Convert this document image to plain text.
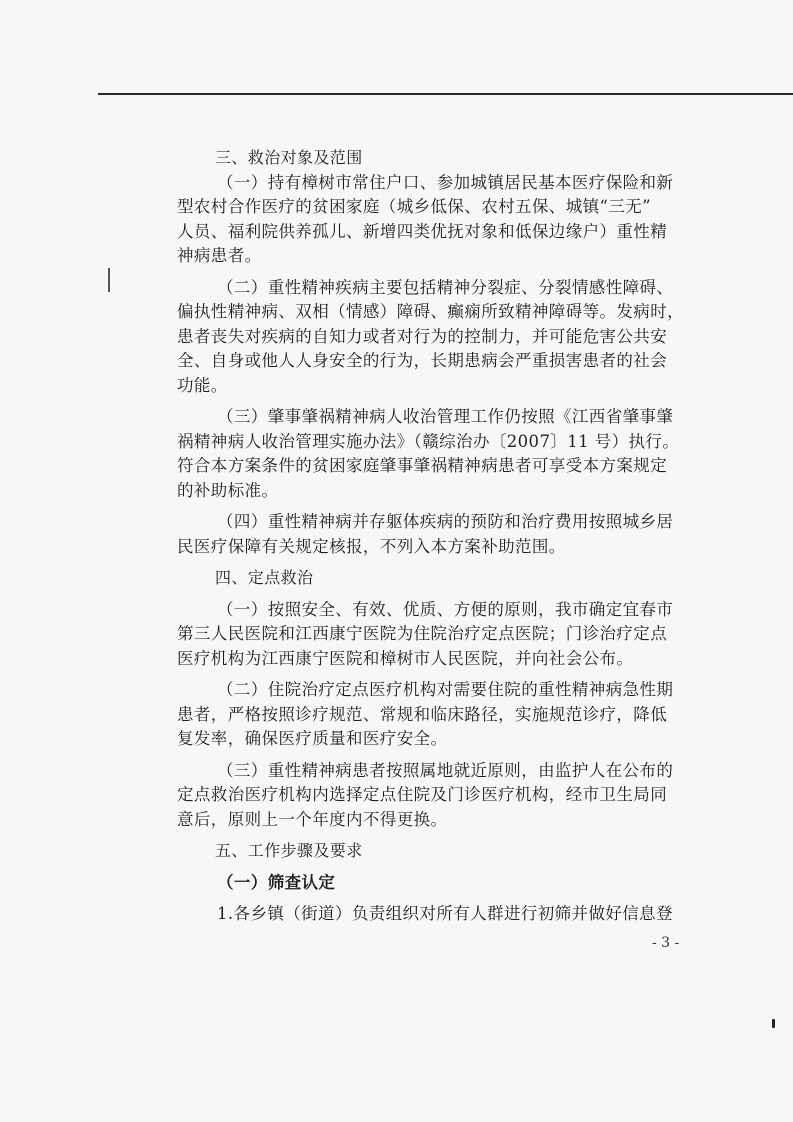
三、救治对象及范围
（一）持有樟树市常住户口、参加城镇居民基本医疗保险和新
型农村合作医疗的贫困家庭（城乡低保、农村五保、城镇“三无”
人员、福利院供养孤儿、新增四类优抚对象和低保边缘户）重性精
神病患者。
（二）重性精神疾病主要包括精神分裂症、分裂情感性障碍、
偏执性精神病、双相（情感）障碍、癫痫所致精神障碍等。发病时，
患者丧失对疾病的自知力或者对行为的控制力，并可能危害公共安
全、自身或他人人身安全的行为，长期患病会严重损害患者的社会
功能。
（三）肇事肇祸精神病人收治管理工作仍按照《江西省肇事肇
祸精神病人收治管理实施办法》（赣综治办〔2007〕11 号）执行。
符合本方案条件的贫困家庭肇事肇祸精神病患者可享受本方案规定
的补助标准。
（四）重性精神病并存躯体疾病的预防和治疗费用按照城乡居
民医疗保障有关规定核报，不列入本方案补助范围。
四、定点救治
（一）按照安全、有效、优质、方便的原则，我市确定宜春市
第三人民医院和江西康宁医院为住院治疗定点医院；门诊治疗定点
医疗机构为江西康宁医院和樟树市人民医院，并向社会公布。
（二）住院治疗定点医疗机构对需要住院的重性精神病急性期
患者，严格按照诊疗规范、常规和临床路径，实施规范诊疗，降低
复发率，确保医疗质量和医疗安全。
（三）重性精神病患者按照属地就近原则，由监护人在公布的
定点救治医疗机构内选择定点住院及门诊医疗机构，经市卫生局同
意后，原则上一个年度内不得更换。
五、工作步骤及要求
（一）筛查认定
1.各乡镇（街道）负责组织对所有人群进行初筛并做好信息登
- 3 -
